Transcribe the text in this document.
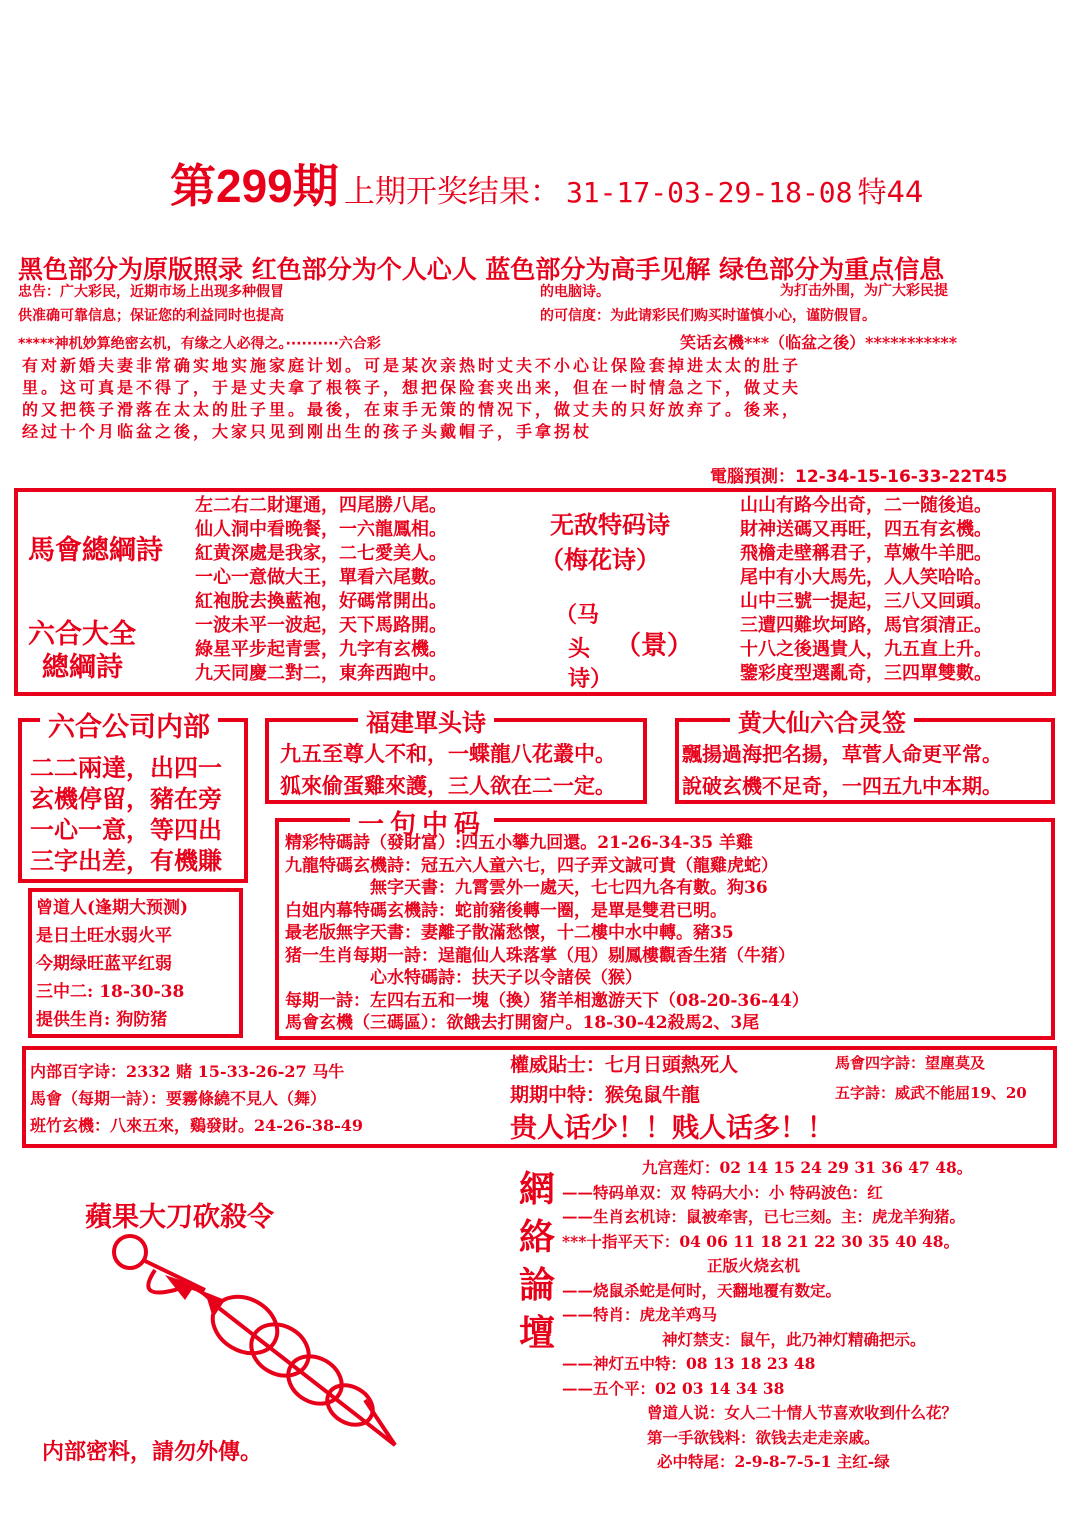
第299期 上期开奖结果： 31-17-03-29-18-08 特44
黑色部分为原版照录 红色部分为个人心人 蓝色部分为高手见解 绿色部分为重点信息
忠告：广大彩民，近期市场上出现多种假冒
供准确可靠信息；保证您的利益同时也提高
的电脑诗。
的可信度：为此请彩民们购买时谨慎小心，谨防假冒。
为打击外围，为广大彩民提
*****神机妙算绝密玄机，有缘之人必得之。··········六合彩	笑话玄機***（临盆之後）***********
有对新婚夫妻非常确实地实施家庭计划。可是某次亲热时丈夫不小心让保险套掉进太太的肚子
里。这可真是不得了，于是丈夫拿了根筷子，想把保险套夹出来，但在一时情急之下，做丈夫
的又把筷子滑落在太太的肚子里。最後，在束手无策的情况下，做丈夫的只好放弃了。後来，
经过十个月临盆之後，大家只见到刚出生的孩子头戴帽子，手拿拐杖
電腦預測：12-34-15-16-33-22T45
馬會總綱詩
六合大全
總綱詩
左二右二財運通，四尾勝八尾。
仙人洞中看晚餐，一六龍鳳相。
紅黄深處是我家，二七愛美人。
一心一意做大王，單看六尾數。
紅袍脫去換藍袍，好碼常開出。
一波未平一波起，天下馬路開。
綠星平步起青雲，九字有玄機。
九天同慶二對二，東奔西跑中。
无敌特码诗
（梅花诗）
（马
头
诗）
（景）
山山有路今出奇，二一随後追。
財神送碼又再旺，四五有玄機。
飛檐走壁稱君子，草嫩牛羊肥。
尾中有小大馬先，人人笑哈哈。
山中三號一提起，三八又回頭。
三遭四難坎坷路，馬官須清正。
十八之後遇貴人，九五直上升。
鑒彩度型選亂奇，三四單雙數。
六合公司内部
二二兩達，出四一
玄機停留，豬在旁
一心一意，等四出
三字出差，有機賺
福建單头诗
九五至尊人不和，一蝶龍八花叢中。
狐來偷蛋雞來護，三人欲在二一定。
黄大仙六合灵签
飄揚過海把名揚，草菅人命更平常。
說破玄機不足奇，一四五九中本期。
曾道人(逢期大预测)
是日土旺水弱火平
今期绿旺蓝平红弱
三中二: 18-30-38
提供生肖: 狗防猪
一句中码
精彩特碼詩（發財富）:四五小攀九回還。21-26-34-35 羊雞
九龍特碼玄機詩：冠五六人童六七，四子弄文誠可貴（龍雞虎蛇）
無字天書：九霄雲外一處天，七七四九各有數。狗36
白姐内幕特碼玄機詩：蛇前豬後轉一圈，是單是雙君已明。
最老版無字天書：妻離子散滿愁懷，十二樓中水中轉。豬35
猪一生肖每期一詩：逞龍仙人珠落掌（甩）剔鳳樓觀香生猪（牛猪）
心水特碼詩：扶天子以令諸侯（猴）
每期一詩：左四右五和一塊（換）猪羊相邀游天下（08-20-36-44）
馬會玄機（三碼區）：欲餓去打開窗户。18-30-42殺馬2、3尾
内部百字诗：2332 赌 15-33-26-27 马牛
馬會（每期一詩）：要霧條繞不見人（舞）
班竹玄機：八來五來，鷄發財。24-26-38-49
權威貼士：七月日頭熱死人	馬會四字詩：望塵莫及
期期中特：猴兔鼠牛龍	五字詩：威武不能屈19、20
贵人话少！！贱人话多！！
蘋果大刀砍殺令
内部密料，請勿外傳。
網
絡
論
壇
九宫莲灯：02 14 15 24 29 31 36 47 48。
——特码单双：双 特码大小：小 特码波色：红
——生肖玄机诗：鼠被牵害，已七三刻。主：虎龙羊狗猪。
***十指平天下：04 06 11 18 21 22 30 35 40 48。
正版火烧玄机
——烧鼠杀蛇是何时，天翻地覆有数定。
——特肖：虎龙羊鸡马
神灯禁支：鼠午，此乃神灯精确把示。
——神灯五中特：08 13 18 23 48
——五个平：02 03 14 34 38
曾道人说：女人二十情人节喜欢收到什么花？
第一手欲钱料：欲钱去走走亲戚。
必中特尾：2-9-8-7-5-1 主红-绿
